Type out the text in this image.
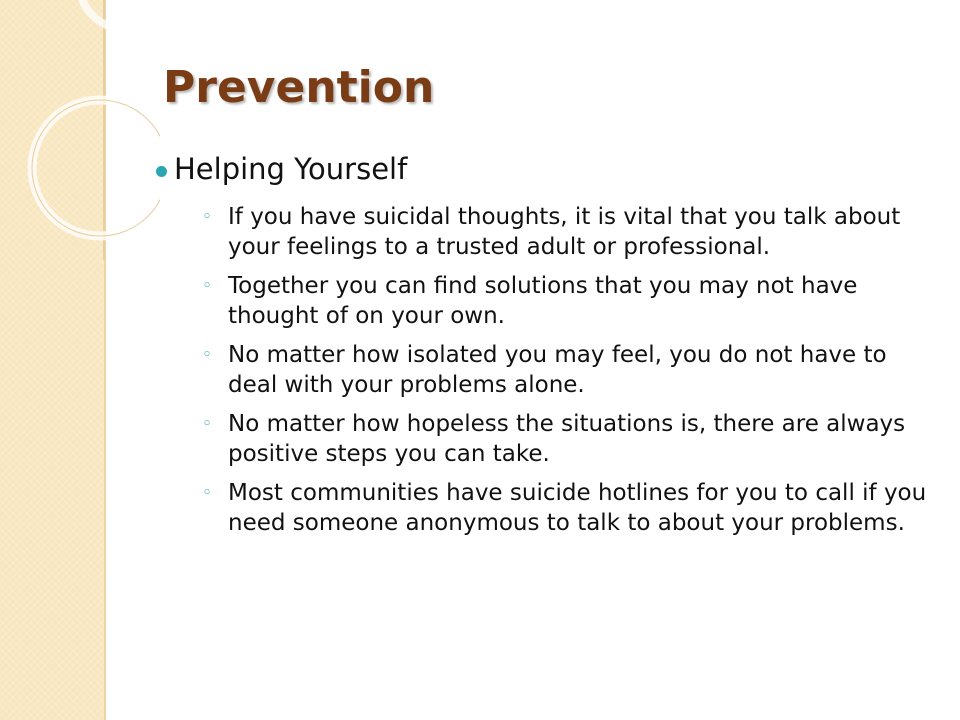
Prevention

Helping Yourself

◦ If you have suicidal thoughts, it is vital that you talk about your feelings to a trusted adult or professional.
◦ Together you can find solutions that you may not have thought of on your own.
◦ No matter how isolated you may feel, you do not have to deal with your problems alone.
◦ No matter how hopeless the situations is, there are always positive steps you can take.
◦ Most communities have suicide hotlines for you to call if you need someone anonymous to talk to about your problems.
